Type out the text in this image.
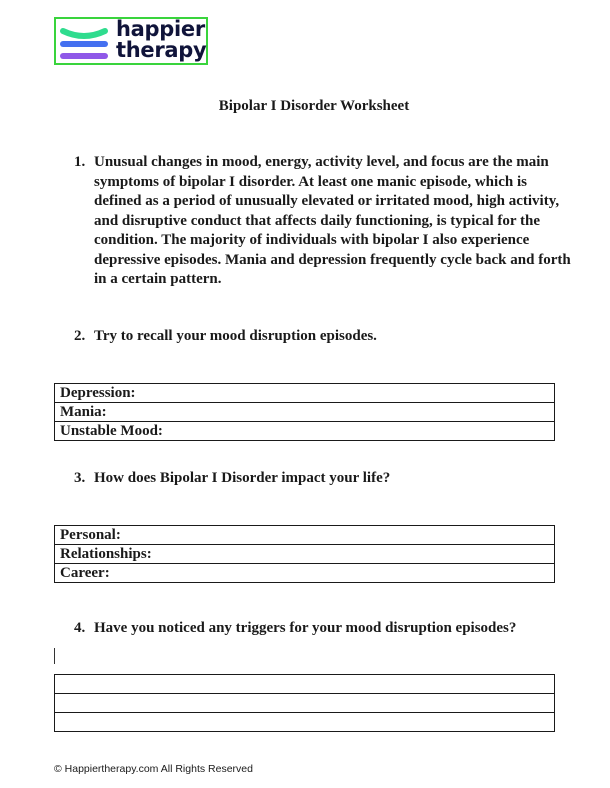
happier
therapy
Bipolar I Disorder Worksheet
1. Unusual changes in mood, energy, activity level, and focus are the main symptoms of bipolar I disorder. At least one manic episode, which is defined as a period of unusually elevated or irritated mood, high activity, and disruptive conduct that affects daily functioning, is typical for the condition. The majority of individuals with bipolar I also experience depressive episodes. Mania and depression frequently cycle back and forth in a certain pattern.
2. Try to recall your mood disruption episodes.
Depression:
Mania:
Unstable Mood:
3. How does Bipolar I Disorder impact your life?
Personal:
Relationships:
Career:
4. Have you noticed any triggers for your mood disruption episodes?

© Happiertherapy.com All Rights Reserved
